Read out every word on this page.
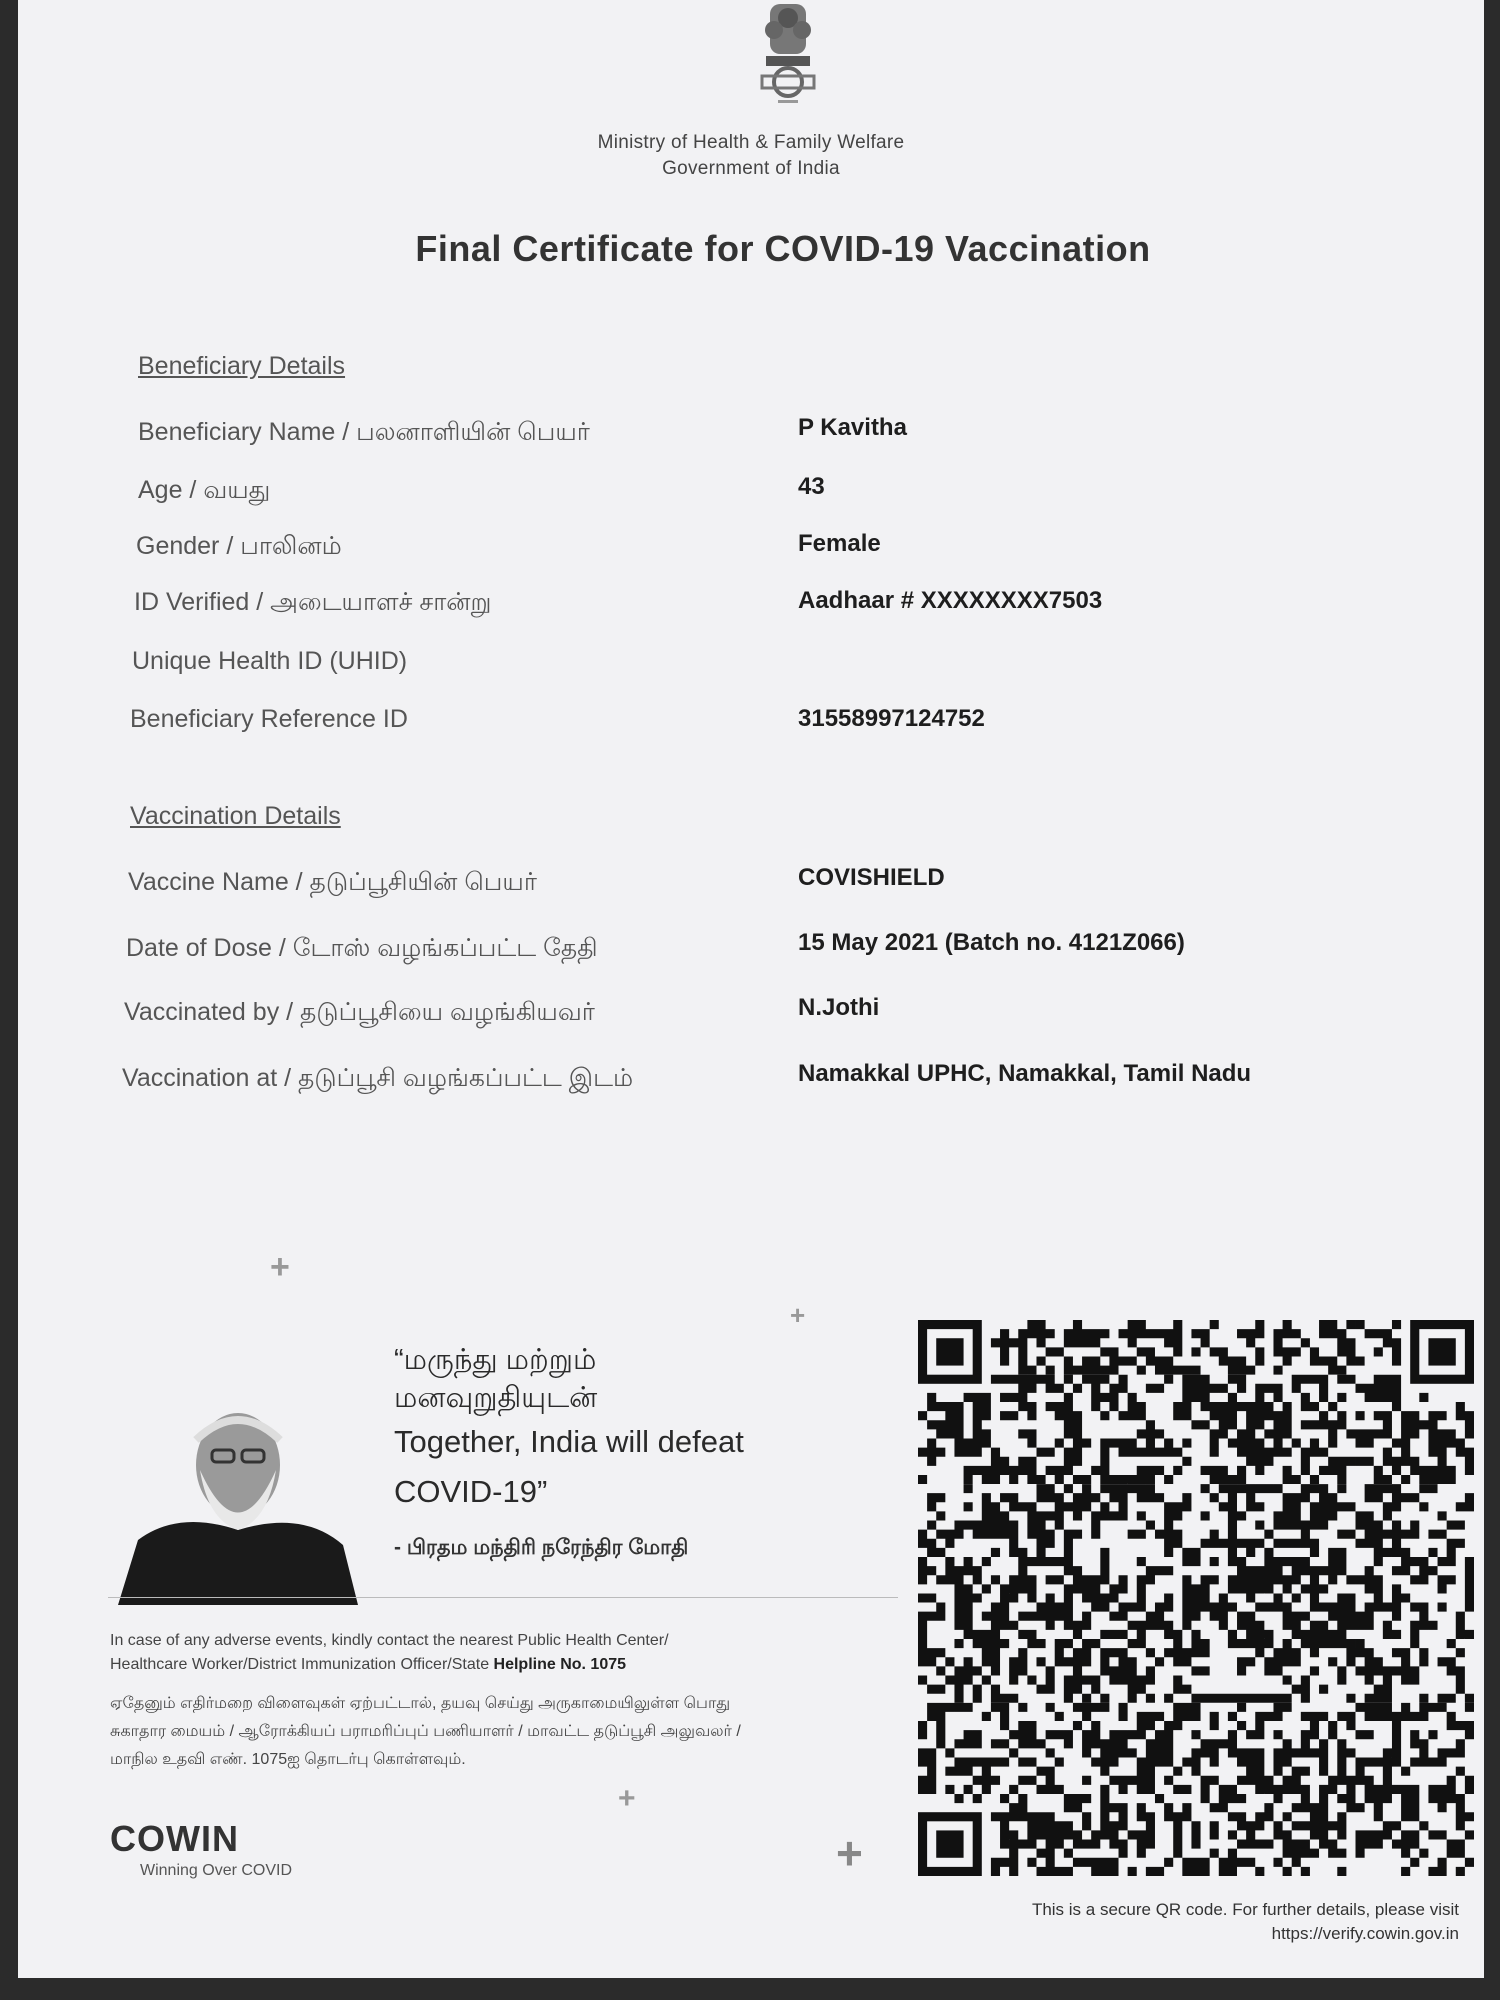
Ministry of Health & Family Welfare
Government of India
Final Certificate for COVID-19 Vaccination
Beneficiary Details
Beneficiary Name / பலனாளியின் பெயர்	P Kavitha
Age / வயது	43
Gender / பாலினம்	Female
ID Verified / அடையாளச் சான்று	Aadhaar # XXXXXXXX7503
Unique Health ID (UHID)
Beneficiary Reference ID	31558997124752
Vaccination Details
Vaccine Name / தடுப்பூசியின் பெயர்	COVISHIELD
Date of Dose / டோஸ் வழங்கப்பட்ட தேதி	15 May 2021 (Batch no. 4121Z066)
Vaccinated by / தடுப்பூசியை வழங்கியவர்	N.Jothi
Vaccination at / தடுப்பூசி வழங்கப்பட்ட இடம்	Namakkal UPHC, Namakkal, Tamil Nadu
+
+
+
+
“மருந்து மற்றும்
மனவுறுதியுடன்
Together, India will defeat
COVID-19”
- பிரதம மந்திரி நரேந்திர மோதி
In case of any adverse events, kindly contact the nearest Public Health Center/
Healthcare Worker/District Immunization Officer/State Helpline No. 1075
ஏதேனும் எதிர்மறை விளைவுகள் ஏற்பட்டால், தயவு செய்து அருகாமையிலுள்ள பொது
சுகாதார மையம் / ஆரோக்கியப் பராமரிப்புப் பணியாளர் / மாவட்ட தடுப்பூசி அலுவலர் /
மாநில உதவி எண். 1075ஐ தொடர்பு கொள்ளவும்.
COWIN
Winning Over COVID
This is a secure QR code. For further details, please visit
https://verify.cowin.gov.in
